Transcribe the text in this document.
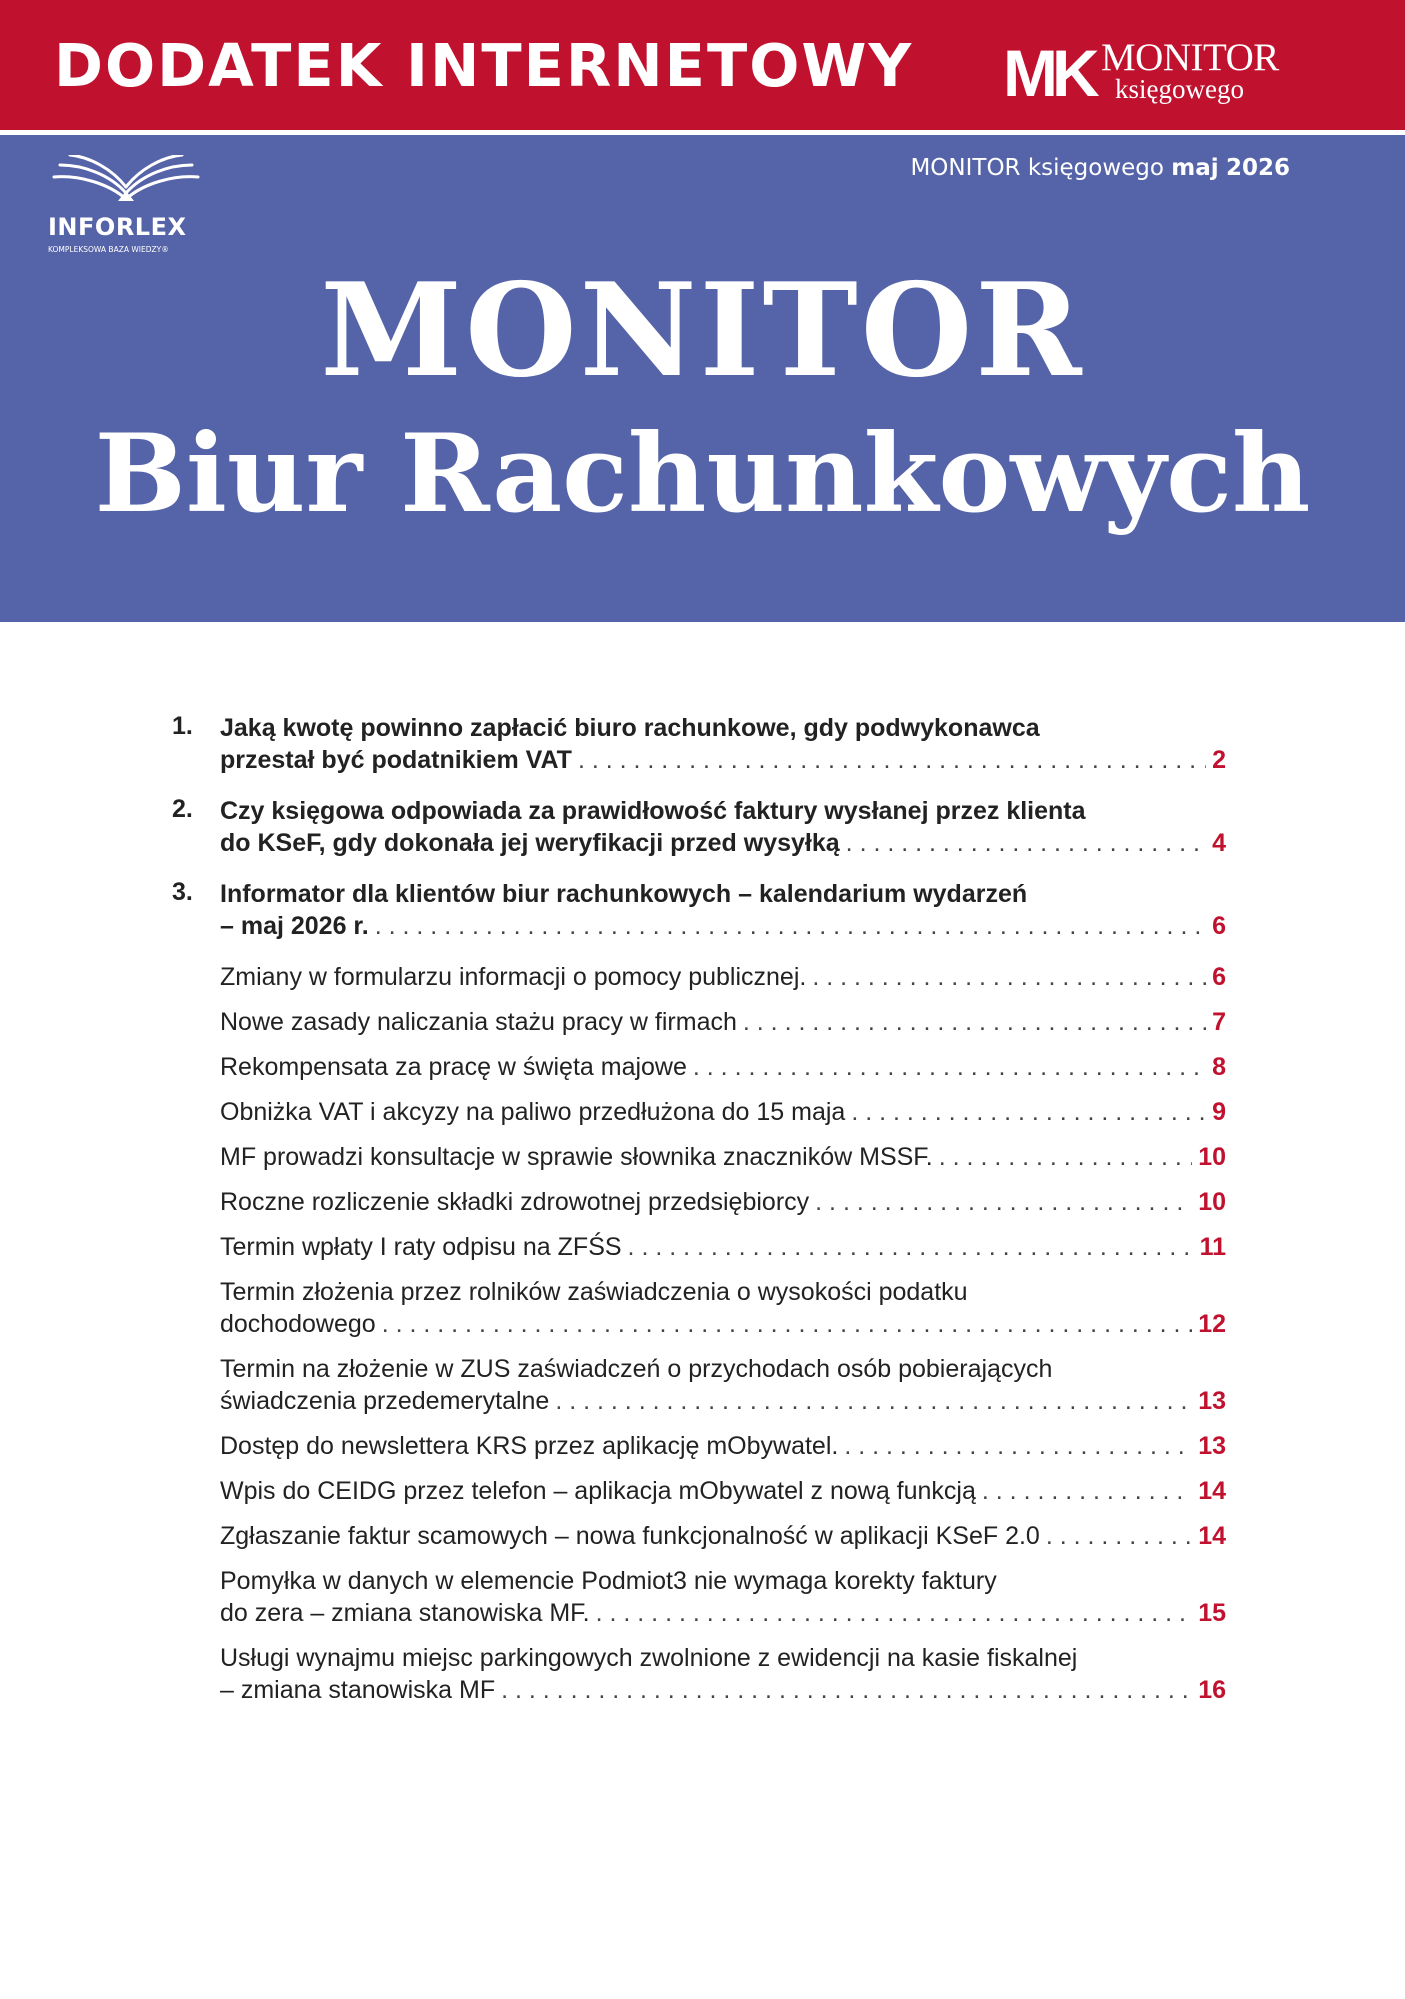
DODATEK INTERNETOWY MK MONITOR
księgowego
INFORLEX
KOMPLEKSOWA BAZA WIEDZY®
MONITOR księgowego maj 2026
MONITOR
Biur Rachunkowych
1.	Jaką kwotę powinno zapłacić biuro rachunkowe, gdy podwykonawca
przestał być podatnikiem VAT . . .	2
2.	Czy księgowa odpowiada za prawidłowość faktury wysłanej przez klienta
do KSeF, gdy dokonała jej weryfikacji przed wysyłką . . .	4
3.	Informator dla klientów biur rachunkowych – kalendarium wydarzeń
– maj 2026 r. . . .	6
Zmiany w formularzu informacji o pomocy publicznej. . . .	6
Nowe zasady naliczania stażu pracy w firmach . . .	7
Rekompensata za pracę w święta majowe . . .	8
Obniżka VAT i akcyzy na paliwo przedłużona do 15 maja . . .	9
MF prowadzi konsultacje w sprawie słownika znaczników MSSF. . . .	10
Roczne rozliczenie składki zdrowotnej przedsiębiorcy . . .	10
Termin wpłaty I raty odpisu na ZFŚS . . .	11
Termin złożenia przez rolników zaświadczenia o wysokości podatku
dochodowego . . .	12
Termin na złożenie w ZUS zaświadczeń o przychodach osób pobierających
świadczenia przedemerytalne . . .	13
Dostęp do newslettera KRS przez aplikację mObywatel. . . .	13
Wpis do CEIDG przez telefon – aplikacja mObywatel z nową funkcją . . .	14
Zgłaszanie faktur scamowych – nowa funkcjonalność w aplikacji KSeF 2.0 . . .	14
Pomyłka w danych w elemencie Podmiot3 nie wymaga korekty faktury
do zera – zmiana stanowiska MF. . . .	15
Usługi wynajmu miejsc parkingowych zwolnione z ewidencji na kasie fiskalnej
– zmiana stanowiska MF . . .	16
